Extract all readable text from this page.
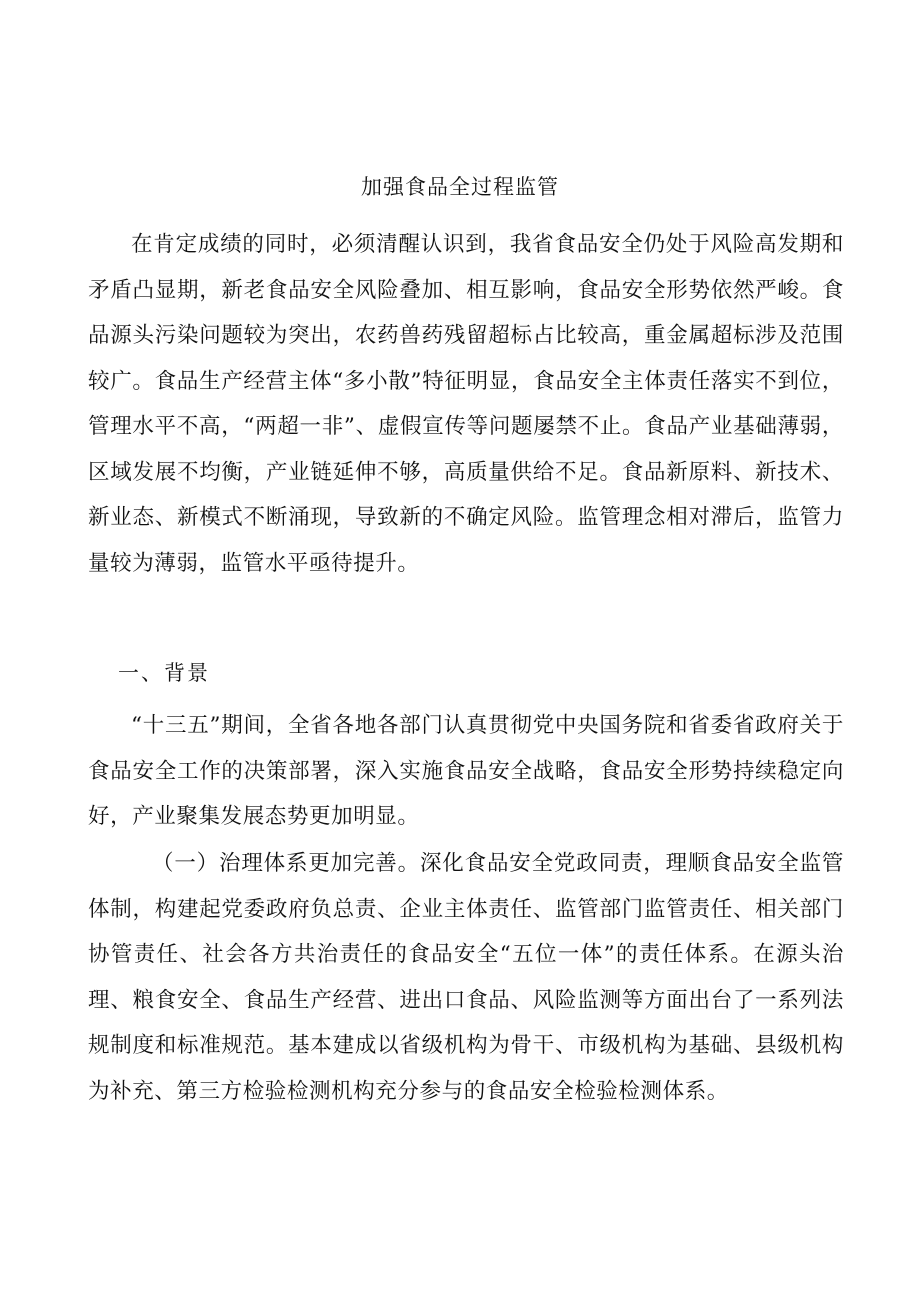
加强食品全过程监管

在肯定成绩的同时，必须清醒认识到，我省食品安全仍处于风险高发期和矛盾凸显期，新老食品安全风险叠加、相互影响，食品安全形势依然严峻。食品源头污染问题较为突出，农药兽药残留超标占比较高，重金属超标涉及范围较广。食品生产经营主体“多小散”特征明显，食品安全主体责任落实不到位，管理水平不高，“两超一非”、虚假宣传等问题屡禁不止。食品产业基础薄弱，区域发展不均衡，产业链延伸不够，高质量供给不足。食品新原料、新技术、新业态、新模式不断涌现，导致新的不确定风险。监管理念相对滞后，监管力量较为薄弱，监管水平亟待提升。

一、背景

“十三五”期间，全省各地各部门认真贯彻党中央国务院和省委省政府关于食品安全工作的决策部署，深入实施食品安全战略，食品安全形势持续稳定向好，产业聚集发展态势更加明显。

（一）治理体系更加完善。深化食品安全党政同责，理顺食品安全监管体制，构建起党委政府负总责、企业主体责任、监管部门监管责任、相关部门协管责任、社会各方共治责任的食品安全“五位一体”的责任体系。在源头治理、粮食安全、食品生产经营、进出口食品、风险监测等方面出台了一系列法规制度和标准规范。基本建成以省级机构为骨干、市级机构为基础、县级机构为补充、第三方检验检测机构充分参与的食品安全检验检测体系。
